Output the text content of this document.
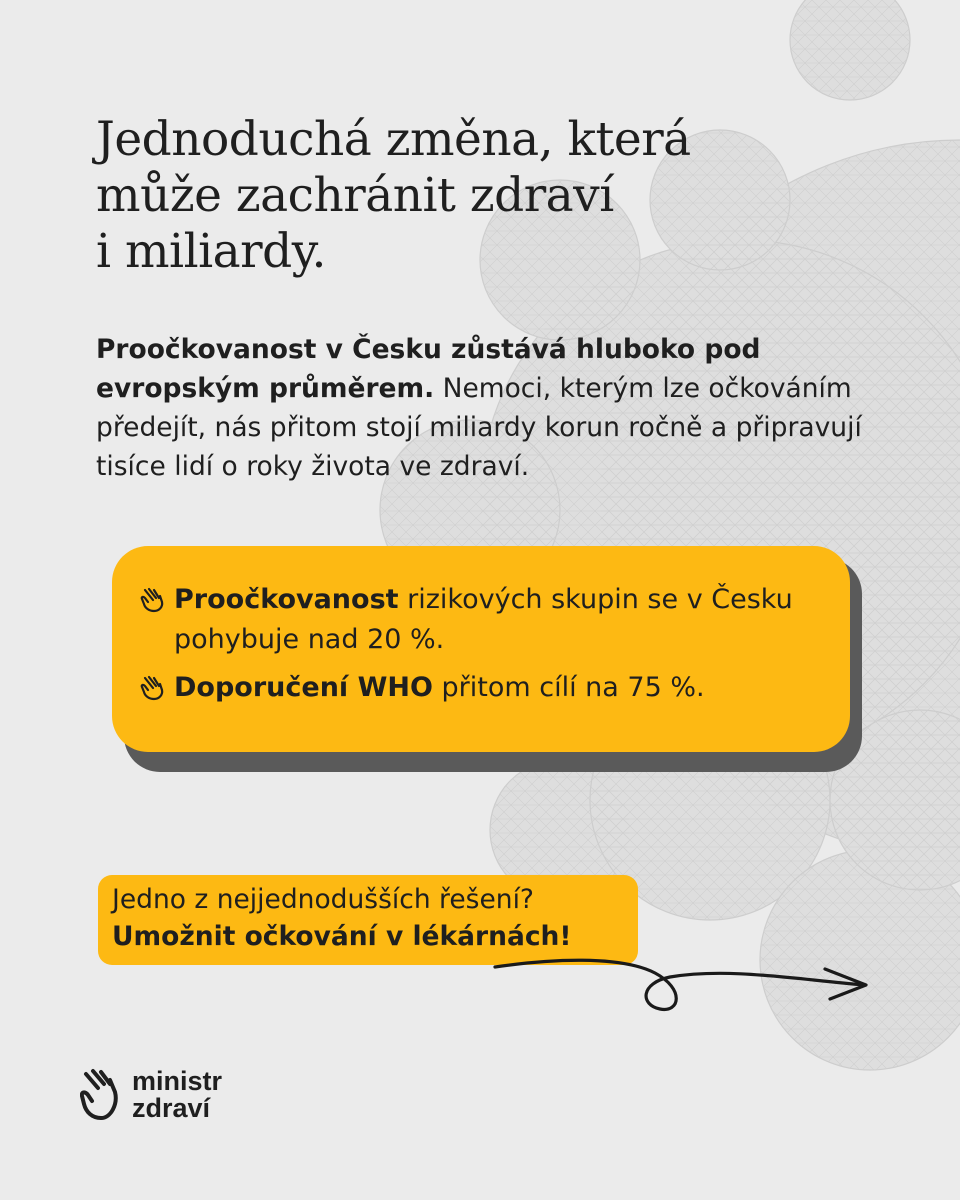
Jednoduchá změna, která
může zachránit zdraví
i miliardy.

Proočkovanost v Česku zůstává hluboko pod evropským průměrem. Nemoci, kterým lze očkováním předejít, nás přitom stojí miliardy korun ročně a připravují tisíce lidí o roky života ve zdraví.

Proočkovanost rizikových skupin se v Česku pohybuje nad 20 %.
Doporučení WHO přitom cílí na 75 %.

Jedno z nejjednodušších řešení?
Umožnit očkování v lékárnách!

ministr
zdraví
